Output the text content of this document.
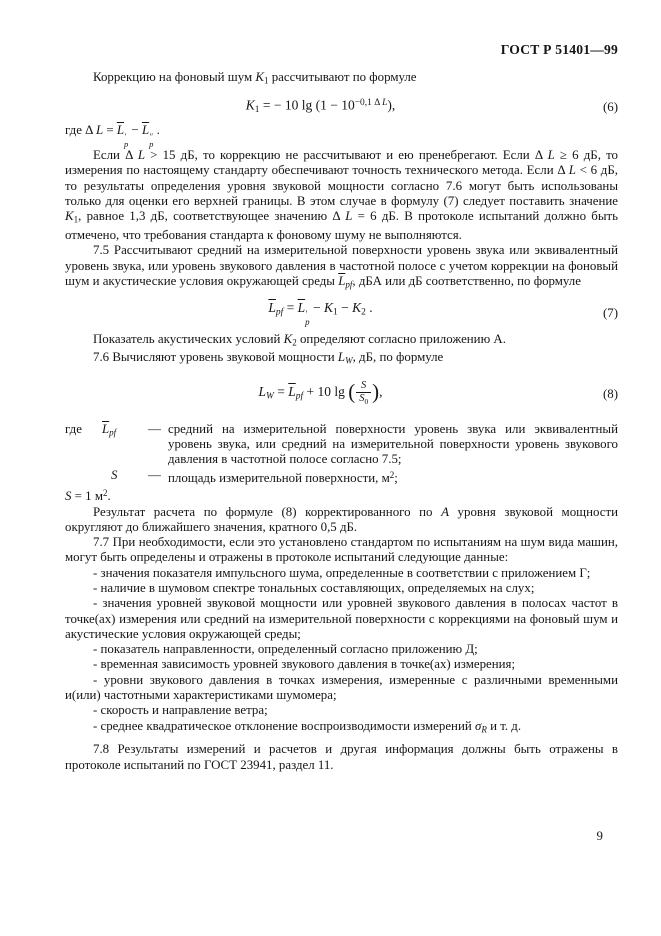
ГОСТ Р 51401—99

Коррекцию на фоновый шум K1 рассчитывают по формуле

K1 = − 10 $\lg (1 - 10^{-0,1 \Delta}$ $^L$),	(6)

где Δ $L = \overline{L}$ ′
p
− $\overline{L}$ ″
p
.

Если Δ L > 15 дБ, то коррекцию не рассчитывают и ею пренебрегают. Если Δ L ≥ 6 дБ, то измерения по настоящему стандарту обеспечивают точность технического метода. Если Δ L < 6 дБ, то результаты определения уровня звуковой мощности согласно 7.6 могут быть использованы только для оценки его верхней границы. В этом случае в формулу (7) следует поставить значение K1, равное 1,3 дБ, соответствующее значению Δ L = 6 дБ. В протоколе испытаний должно быть отмечено, что требования стандарта к фоновому шуму не выполняются.

7.5 Рассчитывают средний на измерительной поверхности уровень звука или эквивалентный уровень звука, или уровень звукового давления в частотной полосе с учетом коррекции на фоновый шум и акустические условия окружающей среды $\overline{L}pf$, дБА или дБ соответственно, по формуле

$\overline{L}pf = \overline{L}$ ′
p
− K1 − K2 .	(7)

Показатель акустических условий K2 определяют согласно приложению А.

7.6 Вычисляют уровень звуковой мощности LW, дБ, по формуле

LW = $\overline{L}pf + 10$ lg ( $\frac{S}{S_0}$ ),	(8)
где	$\overline{L}pf$	— средний на измерительной поверхности уровень звука или эквивалентный уровень звука, или средний на измерительной поверхности уровень звукового давления в частотной полосе согласно 7.5;
S	— площадь измерительной поверхности, $м^2$;

S = 1 $м^2$.

Результат расчета по формуле (8) корректированного по A уровня звуковой мощности округляют до ближайшего значения, кратного 0,5 дБ.

7.7 При необходимости, если это установлено стандартом по испытаниям на шум вида машин, могут быть определены и отражены в протоколе испытаний следующие данные:

- значения показателя импульсного шума, определенные в соответствии с приложением Г;

- наличие в шумовом спектре тональных составляющих, определяемых на слух;

- значения уровней звуковой мощности или уровней звукового давления в полосах частот в точке(ах) измерения или средний на измерительной поверхности с коррекциями на фоновый шум и акустические условия окружающей среды;

- показатель направленности, определенный согласно приложению Д;

- временная зависимость уровней звукового давления в точке(ах) измерения;

- уровни звукового давления в точках измерения, измеренные с различными временными и(или) частотными характеристиками шумомера;

- скорость и направление ветра;

- среднее квадратическое отклонение воспроизводимости измерений σR и т. д.

7.8 Результаты измерений и расчетов и другая информация должны быть отражены в протоколе испытаний по ГОСТ 23941, раздел 11.

9
